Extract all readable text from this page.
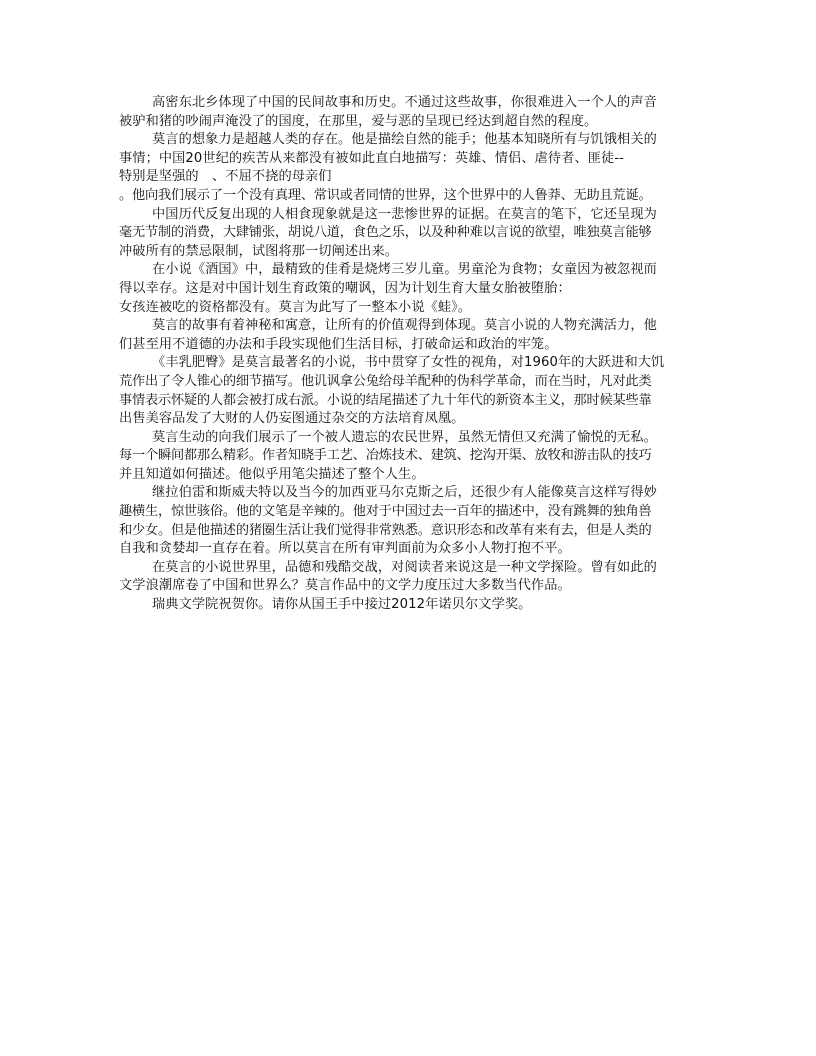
高密东北乡体现了中国的民间故事和历史。不通过这些故事，你很难进入一个人的声音
被驴和猪的吵闹声淹没了的国度，在那里，爱与恶的呈现已经达到超自然的程度。
莫言的想象力是超越人类的存在。他是描绘自然的能手；他基本知晓所有与饥饿相关的
事情；中国20世纪的疾苦从来都没有被如此直白地描写：英雄、情侣、虐待者、匪徒--
特别是坚强的　、不屈不挠的母亲们
。他向我们展示了一个没有真理、常识或者同情的世界，这个世界中的人鲁莽、无助且荒诞。
中国历代反复出现的人相食现象就是这一悲惨世界的证据。在莫言的笔下，它还呈现为
毫无节制的消费，大肆铺张，胡说八道，食色之乐，以及种种难以言说的欲望，唯独莫言能够
冲破所有的禁忌限制，试图将那一切阐述出来。
在小说《酒国》中，最精致的佳肴是烧烤三岁儿童。男童沦为食物；女童因为被忽视而
得以幸存。这是对中国计划生育政策的嘲讽，因为计划生育大量女胎被堕胎：
女孩连被吃的资格都没有。莫言为此写了一整本小说《蛙》。
莫言的故事有着神秘和寓意，让所有的价值观得到体现。莫言小说的人物充满活力，他
们甚至用不道德的办法和手段实现他们生活目标，打破命运和政治的牢笼。
《丰乳肥臀》是莫言最著名的小说，书中贯穿了女性的视角，对1960年的大跃进和大饥
荒作出了令人锥心的细节描写。他讥讽拿公兔给母羊配种的伪科学革命，而在当时，凡对此类
事情表示怀疑的人都会被打成右派。小说的结尾描述了九十年代的新资本主义，那时候某些靠
出售美容品发了大财的人仍妄图通过杂交的方法培育凤凰。
莫言生动的向我们展示了一个被人遗忘的农民世界，虽然无情但又充满了愉悦的无私。
每一个瞬间都那么精彩。作者知晓手工艺、冶炼技术、建筑、挖沟开渠、放牧和游击队的技巧
并且知道如何描述。他似乎用笔尖描述了整个人生。
继拉伯雷和斯威夫特以及当今的加西亚马尔克斯之后，还很少有人能像莫言这样写得妙
趣横生，惊世骇俗。他的文笔是辛辣的。他对于中国过去一百年的描述中，没有跳舞的独角兽
和少女。但是他描述的猪圈生活让我们觉得非常熟悉。意识形态和改革有来有去，但是人类的
自我和贪婪却一直存在着。所以莫言在所有审判面前为众多小人物打抱不平。
在莫言的小说世界里，品德和残酷交战，对阅读者来说这是一种文学探险。曾有如此的
文学浪潮席卷了中国和世界么？莫言作品中的文学力度压过大多数当代作品。
瑞典文学院祝贺你。请你从国王手中接过2012年诺贝尔文学奖。
